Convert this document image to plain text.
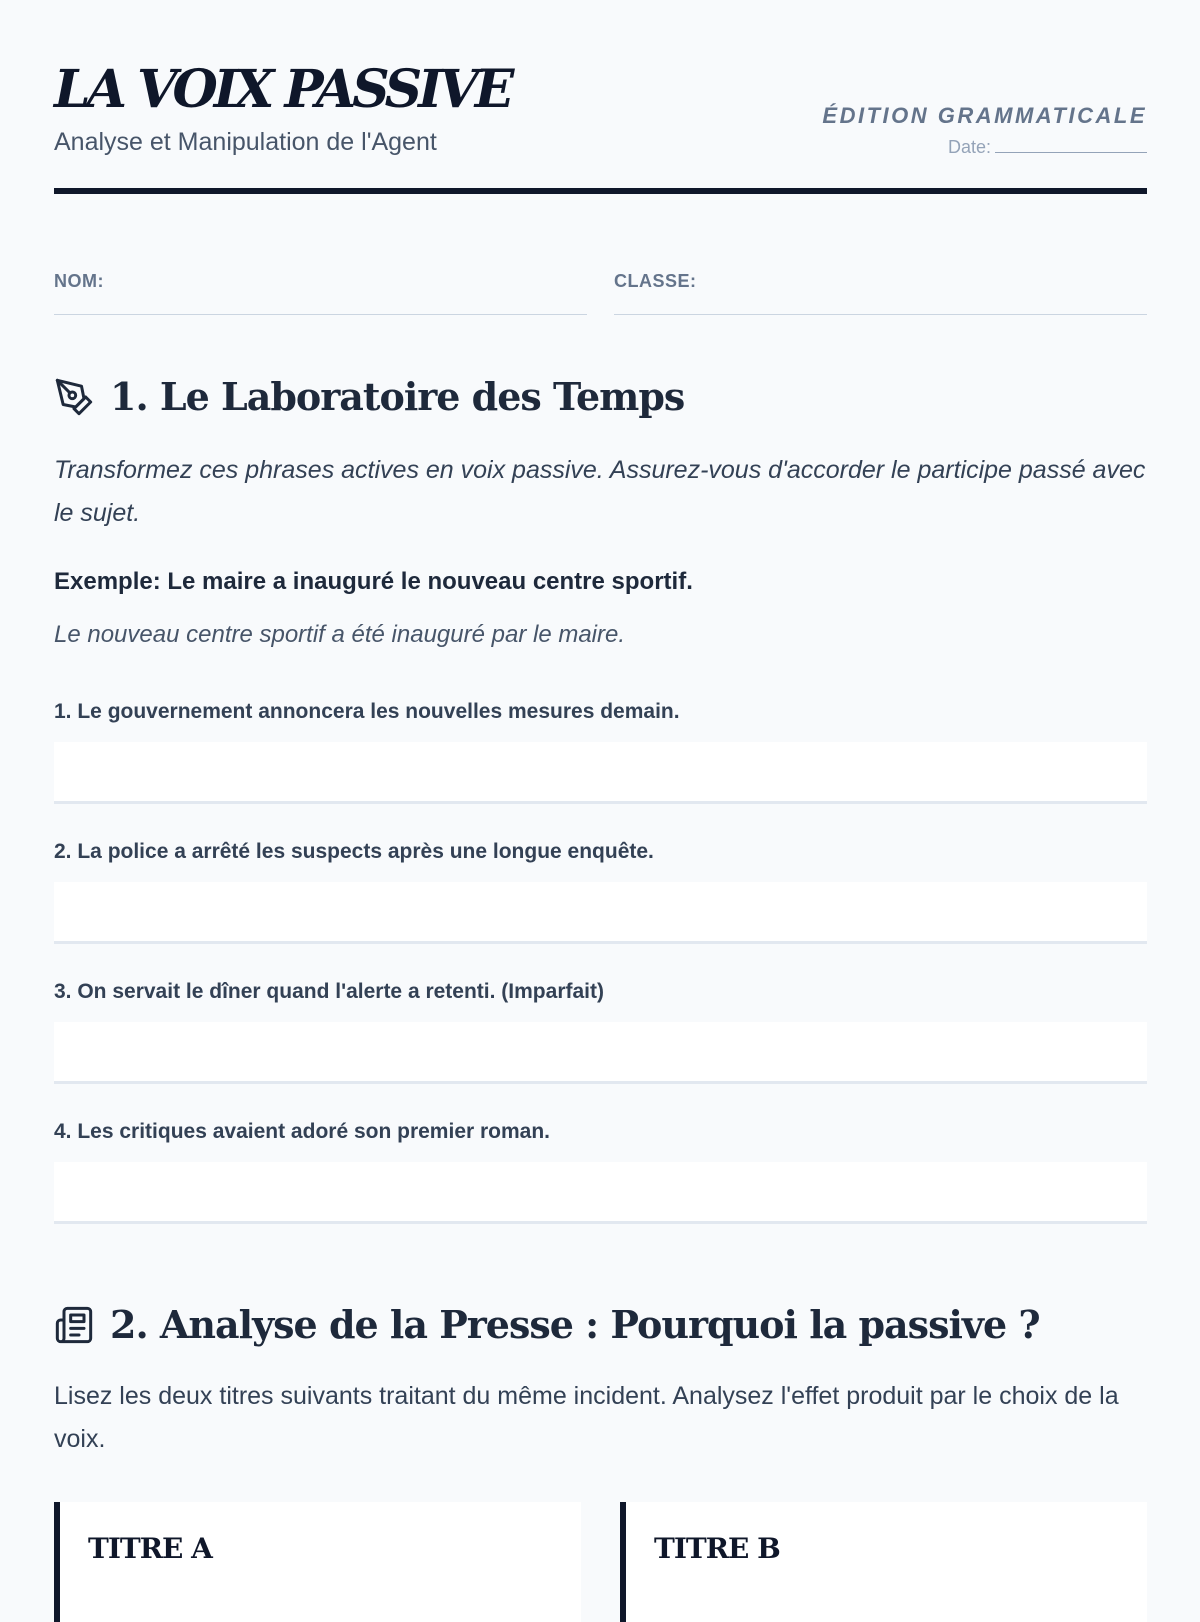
LA VOIX PASSIVE

Analyse et Manipulation de l'Agent

ÉDITION GRAMMATICALE
Date:
NOM:	CLASSE:
1. Le Laboratoire des Temps

Transformez ces phrases actives en voix passive. Assurez-vous d'accorder le participe passé avec le sujet.

Exemple: Le maire a inauguré le nouveau centre sportif.

Le nouveau centre sportif a été inauguré par le maire.

1. Le gouvernement annoncera les nouvelles mesures demain.

2. La police a arrêté les suspects après une longue enquête.

3. On servait le dîner quand l'alerte a retenti. (Imparfait)

4. Les critiques avaient adoré son premier roman.

2. Analyse de la Presse : Pourquoi la passive ?

Lisez les deux titres suivants traitant du même incident. Analysez l'effet produit par le choix de la voix.

TITRE A	TITRE B
